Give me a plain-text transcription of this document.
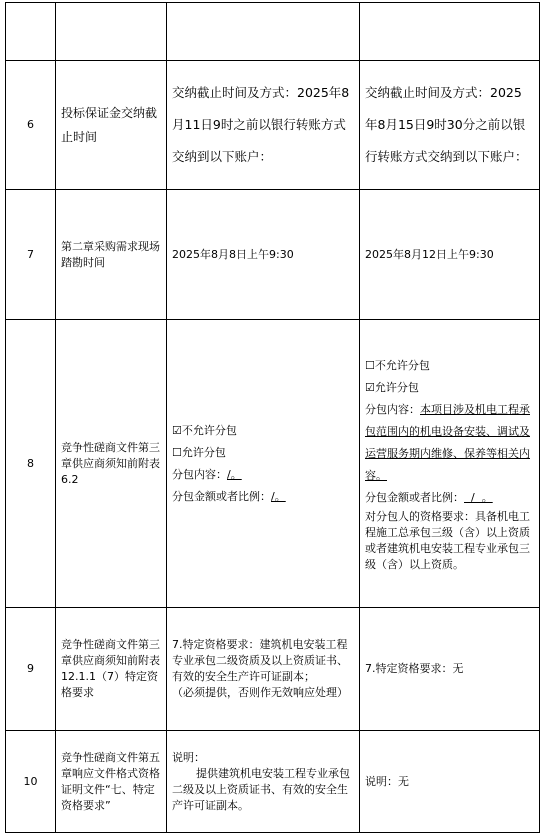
6	投标保证金交纳截止时间	交纳截止时间及方式：2025年8月11日9时之前以银行转账方式交纳到以下账户：	交纳截止时间及方式：2025年8月15日9时30分之前以银行转账方式交纳到以下账户：
7	第二章采购需求现场踏勘时间	2025年8月8日上午9:30	2025年8月12日上午9:30
8	竞争性磋商文件第三章供应商须知前附表6.2	☑不允许分包
☐允许分包
分包内容：/。
分包金额或者比例：/。	☐不允许分包
☑允许分包
分包内容：本项目涉及机电工程承包范围内的机电设备安装、调试及运营服务期内维修、保养等相关内容。
分包金额或者比例：  /  。
对分包人的资格要求：具备机电工程施工总承包三级（含）以上资质或者建筑机电安装工程专业承包三级（含）以上资质。

9	竞争性磋商文件第三章供应商须知前附表12.1.1（7）特定资格要求	7.特定资格要求：建筑机电安装工程专业承包二级资质及以上资质证书、有效的安全生产许可证副本；
（必须提供，否则作无效响应处理）	7.特定资格要求：无
10	竞争性磋商文件第五章响应文件格式资格证明文件“七、特定资格要求”	说明：
提供建筑机电安装工程专业承包二级及以上资质证书、有效的安全生产许可证副本。	说明：无
